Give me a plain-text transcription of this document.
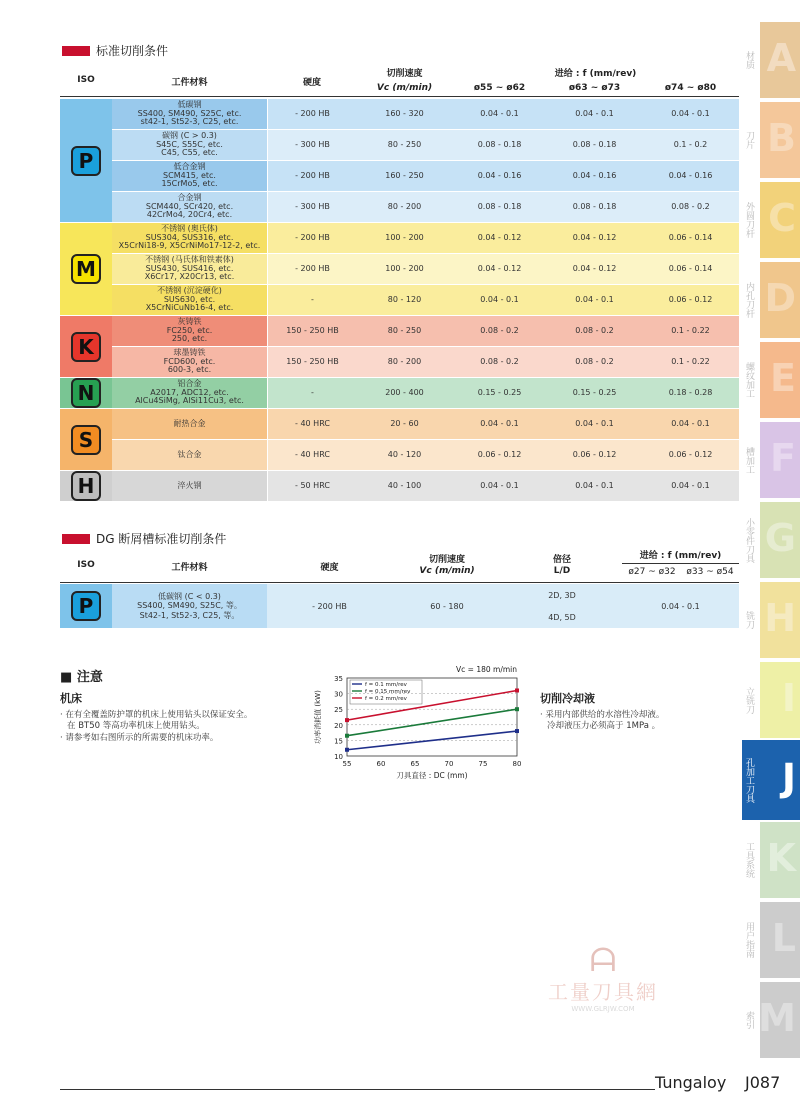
标准切削条件
ISO	工件材料	硬度
切削速度
Vc (m/min)
进给 : f (mm/rev)
ø55 ~ ø62	ø63 ~ ø73	ø74 ~ ø80
P
低碳钢
SS400, SM490, S25C, etc.
st42-1, St52-3, C25, etc.
- 200 HB	160 - 320	0.04 - 0.1	0.04 - 0.1	0.04 - 0.1
碳钢 (C > 0.3)
S45C, S55C, etc.
C45, C55, etc.
- 300 HB	80 - 250	0.08 - 0.18	0.08 - 0.18	0.1 - 0.2
低合金钢
SCM415, etc.
15CrMo5, etc.
- 200 HB	160 - 250	0.04 - 0.16	0.04 - 0.16	0.04 - 0.16
合金钢
SCM440, SCr420, etc.
42CrMo4, 20Cr4, etc.
- 300 HB	80 - 200	0.08 - 0.18	0.08 - 0.18	0.08 - 0.2
M
不锈钢 (奥氏体)
SUS304, SUS316, etc.
X5CrNi18-9, X5CrNiMo17-12-2, etc.
- 200 HB	100 - 200	0.04 - 0.12	0.04 - 0.12	0.06 - 0.14
不锈钢 (马氏体和铁素体)
SUS430, SUS416, etc.
X6Cr17, X20Cr13, etc.
- 200 HB	100 - 200	0.04 - 0.12	0.04 - 0.12	0.06 - 0.14
不锈钢 (沉淀硬化)
SUS630, etc.
X5CrNiCuNb16-4, etc.
-	80 - 120	0.04 - 0.1	0.04 - 0.1	0.06 - 0.12
K
灰铸铁
FC250, etc.
250, etc.
150 - 250 HB	80 - 250	0.08 - 0.2	0.08 - 0.2	0.1 - 0.22
球墨铸铁
FCD600, etc.
600-3, etc.
150 - 250 HB	80 - 200	0.08 - 0.2	0.08 - 0.2	0.1 - 0.22
N	铝合金
A2017, ADC12, etc.
AlCu4SiMg, AlSi11Cu3, etc.
-	200 - 400	0.15 - 0.25	0.15 - 0.25	0.18 - 0.28
S
耐热合金	- 40 HRC	20 - 60	0.04 - 0.1	0.04 - 0.1	0.04 - 0.1
钛合金	- 40 HRC	40 - 120	0.06 - 0.12	0.06 - 0.12	0.06 - 0.12
H	淬火钢	- 50 HRC	40 - 100	0.04 - 0.1	0.04 - 0.1	0.04 - 0.1
DG 断屑槽标准切削条件
ISO	工件材料	硬度
切削速度
Vc (m/min)
倍径
L/D
进给 : f (mm/rev)
ø27 ~ ø32	ø33 ~ ø54
P	低碳钢 (C < 0.3)
SS400, SM490, S25C, 等。
St42-1, St52-3, C25, 等。
- 200 HB	60 - 180
2D, 3D
4D, 5D
0.04 - 0.1
■ 注意
机床
· 在有全覆盖防护罩的机床上使用钻头以保证安全。
在 BT50 等高功率机床上使用钻头。
· 请参考如右图所示的所需要的机床功率。
切削冷却液
· 采用内部供给的水溶性冷却液。
冷却液压力必须高于 1MPa 。
10
15
20
25
30
35
55	60	65	70	75	80
Vc = 180 m/min
刀具直径 : DC (mm)
功率消耗值 (kW)
f = 0.1 mm/rev
f = 0.15 mm/rev
f = 0.2 mm/rev
A
材质
B
刀片
C
外圆刀杆
D
内孔刀杆
E
螺纹加工
F
槽加工
G
小零件刀具
H
铣刀
I
立铣刀
J
孔加工刀具
K
工具系统
L
用户指南
M
索引
ᗩ
工量刀具網
WWW.GLRJW.COM
Tungaloy J087
